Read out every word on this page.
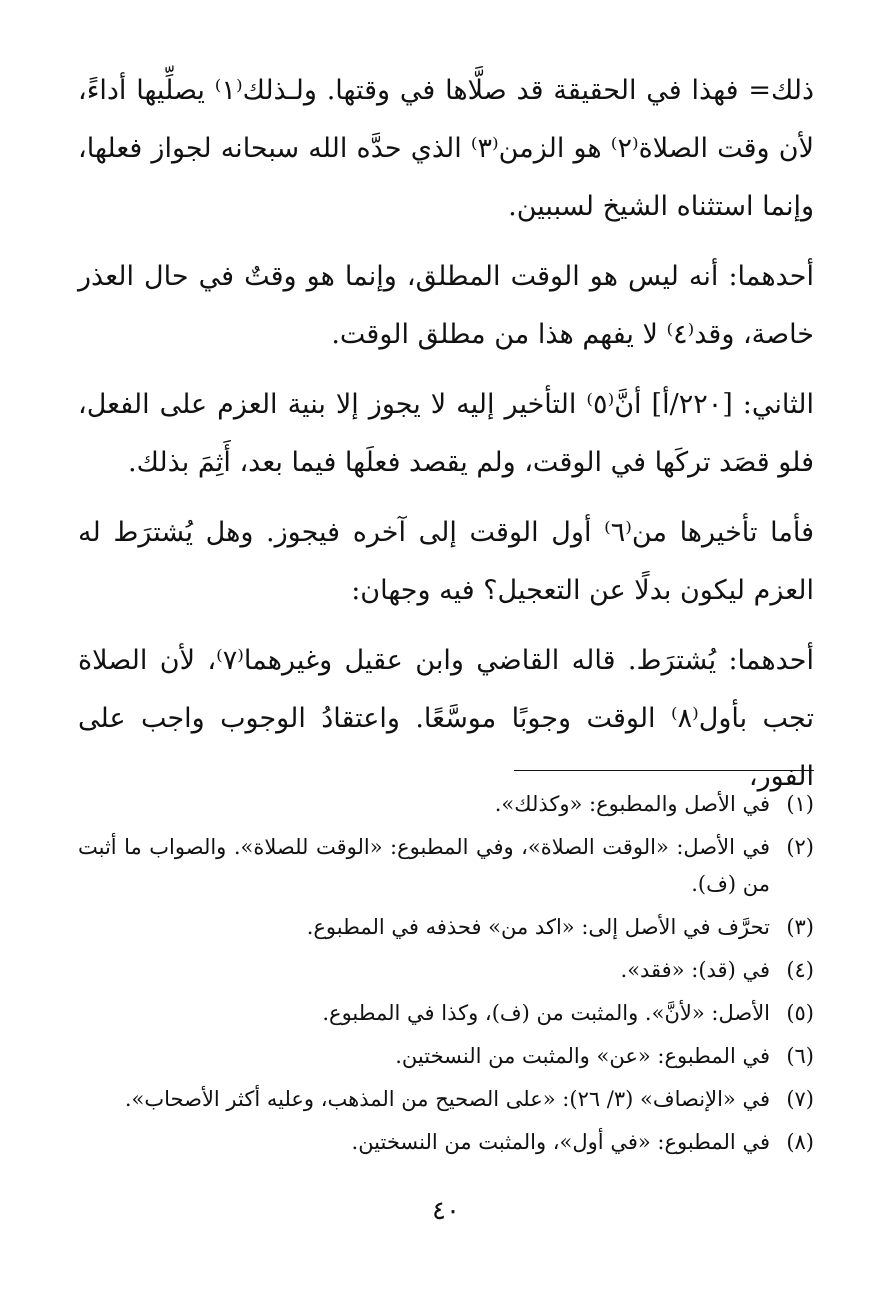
ذلك= فهذا في الحقيقة قد صلَّاها في وقتها. ولـذلك⁽١⁾ يصلِّيها أداءً، لأن وقت الصلاة⁽٢⁾ هو الزمن⁽٣⁾ الذي حدَّه الله سبحانه لجواز فعلها، وإنما استثناه الشيخ لسببين.

أحدهما: أنه ليس هو الوقت المطلق، وإنما هو وقتٌ في حال العذر خاصة، وقد⁽٤⁾ لا يفهم هذا من مطلق الوقت.

الثاني: [٢٢٠/أ] أنَّ⁽٥⁾ التأخير إليه لا يجوز إلا بنية العزم على الفعل، فلو قصَد تركَها في الوقت، ولم يقصد فعلَها فيما بعد، أَثِمَ بذلك.

فأما تأخيرها من⁽٦⁾ أول الوقت إلى آخره فيجوز. وهل يُشترَط له العزم ليكون بدلًا عن التعجيل؟ فيه وجهان:

أحدهما: يُشترَط. قاله القاضي وابن عقيل وغيرهما⁽٧⁾، لأن الصلاة تجب بأول⁽٨⁾ الوقت وجوبًا موسَّعًا. واعتقادُ الوجوب واجب على الفور،

(١)
في الأصل والمطبوع: «وكذلك».
(٢)
في الأصل: «الوقت الصلاة»، وفي المطبوع: «الوقت للصلاة». والصواب ما أثبت من (ف).
(٣)
تحرَّف في الأصل إلى: «اكد من» فحذفه في المطبوع.
(٤)
في (قد): «فقد».
(٥)
الأصل: «لأنَّ». والمثبت من (ف)، وكذا في المطبوع.
(٦)
في المطبوع: «عن» والمثبت من النسختين.
(٧)
في «الإنصاف» (٣/ ٢٦): «على الصحيح من المذهب، وعليه أكثر الأصحاب».
(٨)
في المطبوع: «في أول»، والمثبت من النسختين.
٤٠
